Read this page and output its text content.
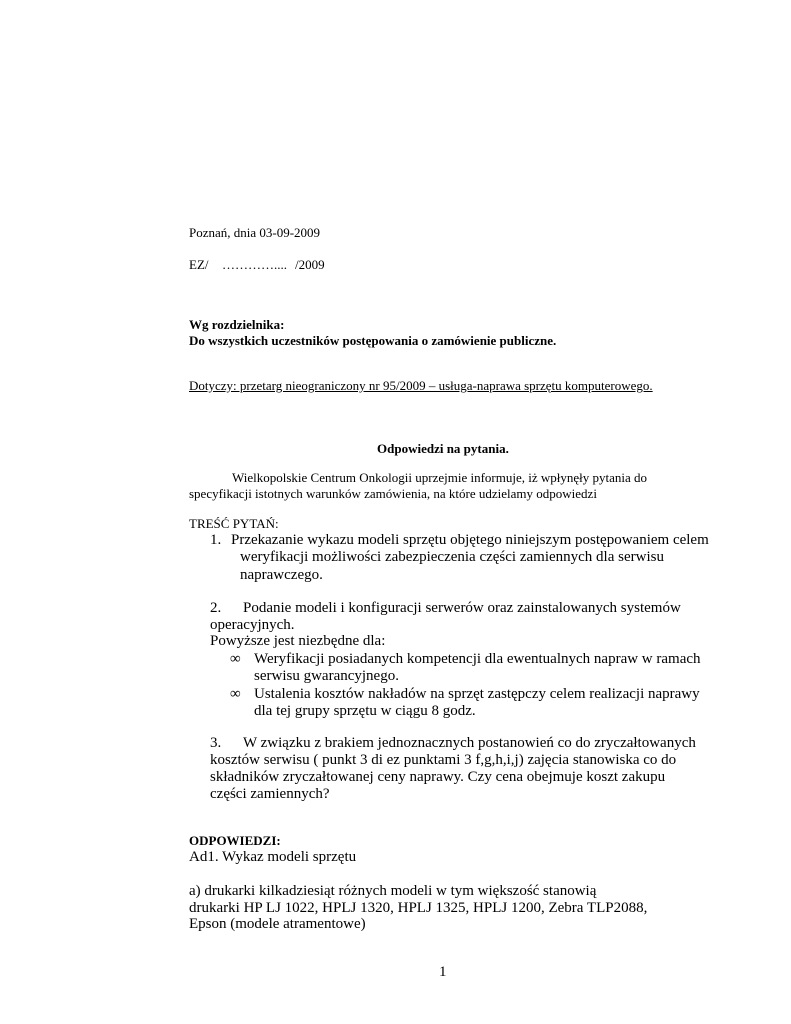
Poznań, dnia 03-09-2009
EZ/ ………….... /2009
Wg rozdzielnika:
Do wszystkich uczestników postępowania o zamówienie publiczne.
Dotyczy: przetarg nieograniczony nr 95/2009 – usługa-naprawa sprzętu komputerowego.
Odpowiedzi na pytania.
Wielkopolskie Centrum Onkologii uprzejmie informuje, iż wpłynęły pytania do
specyfikacji istotnych warunków zamówienia, na które udzielamy odpowiedzi
TREŚĆ PYTAŃ:
1. Przekazanie wykazu modeli sprzętu objętego niniejszym postępowaniem celem
weryfikacji możliwości zabezpieczenia części zamiennych dla serwisu
naprawczego.
2. Podanie modeli i konfiguracji serwerów oraz zainstalowanych systemów
operacyjnych.
Powyższe jest niezbędne dla:
∞ Weryfikacji posiadanych kompetencji dla ewentualnych napraw w ramach
serwisu gwarancyjnego.
∞ Ustalenia kosztów nakładów na sprzęt zastępczy celem realizacji naprawy
dla tej grupy sprzętu w ciągu 8 godz.
3. W związku z brakiem jednoznacznych postanowień co do zryczałtowanych
kosztów serwisu ( punkt 3 di ez punktami 3 f,g,h,i,j) zajęcia stanowiska co do
składników zryczałtowanej ceny naprawy. Czy cena obejmuje koszt zakupu
części zamiennych?
ODPOWIEDZI:
Ad1. Wykaz modeli sprzętu
a) drukarki kilkadziesiąt różnych modeli w tym większość stanowią
drukarki HP LJ 1022, HPLJ 1320, HPLJ 1325, HPLJ 1200, Zebra TLP2088,
Epson (modele atramentowe)
1
